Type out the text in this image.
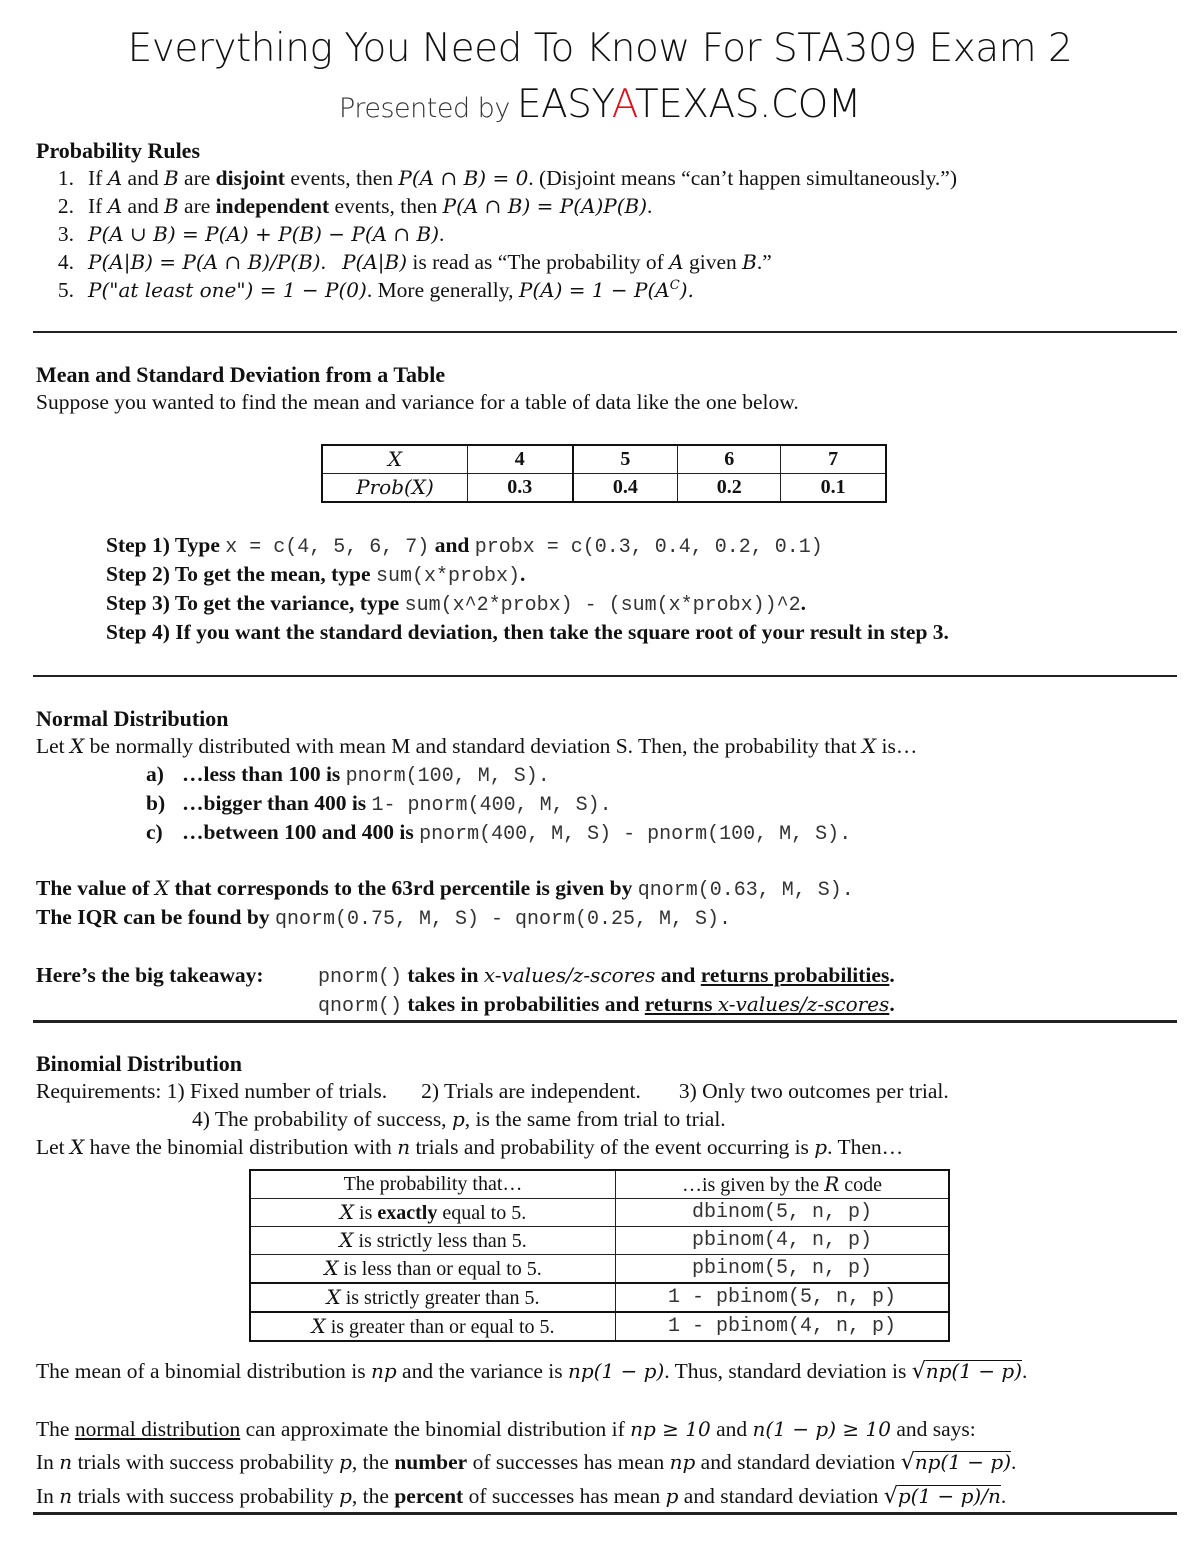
Everything You Need To Know For STA309 Exam 2
Presented by EASYATEXAS.COM
Probability Rules
1. If A and B are disjoint events, then P(A ∩ B) = 0. (Disjoint means “can’t happen simultaneously.”)
2. If A and B are independent events, then P(A ∩ B) = P(A)P(B).
3. P(A ∪ B) = P(A) + P(B) − P(A ∩ B).
4. P(A|B) = P(A ∩ B)/P(B). P(A|B) is read as “The probability of A given B.”
5. P("at least one") = 1 − P(0). More generally, $P(A) = 1 - P(A^C)$.
Mean and Standard Deviation from a Table
Suppose you wanted to find the mean and variance for a table of data like the one below.
X	4	5	6	7
Prob(X)	0.3	0.4	0.2	0.1
Step 1) Type x = c(4, 5, 6, 7) and probx = c(0.3, 0.4, 0.2, 0.1)
Step 2) To get the mean, type sum(x*probx).
Step 3) To get the variance, type sum(x^2*probx) - (sum(x*probx))^2.
Step 4) If you want the standard deviation, then take the square root of your result in step 3.
Normal Distribution
Let X be normally distributed with mean M and standard deviation S. Then, the probability that X is…
a) …less than 100 is pnorm(100, M, S).
b) …bigger than 400 is 1- pnorm(400, M, S).
c) …between 100 and 400 is pnorm(400, M, S) - pnorm(100, M, S).
The value of X that corresponds to the 63rd percentile is given by qnorm(0.63, M, S).
The IQR can be found by qnorm(0.75, M, S) - qnorm(0.25, M, S).
Here’s the big takeaway:	pnorm() takes in x-values/z-scores and returns probabilities.
qnorm() takes in probabilities and returns x-values/z-scores.
Binomial Distribution
Requirements: 1) Fixed number of trials. 2) Trials are independent. 3) Only two outcomes per trial.
4) The probability of success, p, is the same from trial to trial.
Let X have the binomial distribution with n trials and probability of the event occurring is p. Then…
The probability that…	…is given by the R code
X is exactly equal to 5.	dbinom(5, n, p)
X is strictly less than 5.	pbinom(4, n, p)
X is less than or equal to 5.	pbinom(5, n, p)
X is strictly greater than 5.	1 - pbinom(5, n, p)
X is greater than or equal to 5.	1 - pbinom(4, n, p)
The mean of a binomial distribution is np and the variance is np(1 − p). Thus, standard deviation is √np(1 − p).
The normal distribution can approximate the binomial distribution if np ≥ 10 and n(1 − p) ≥ 10 and says:
In n trials with success probability p, the number of successes has mean np and standard deviation √np(1 − p).
In n trials with success probability p, the percent of successes has mean p and standard deviation √p(1 − p)/n.
